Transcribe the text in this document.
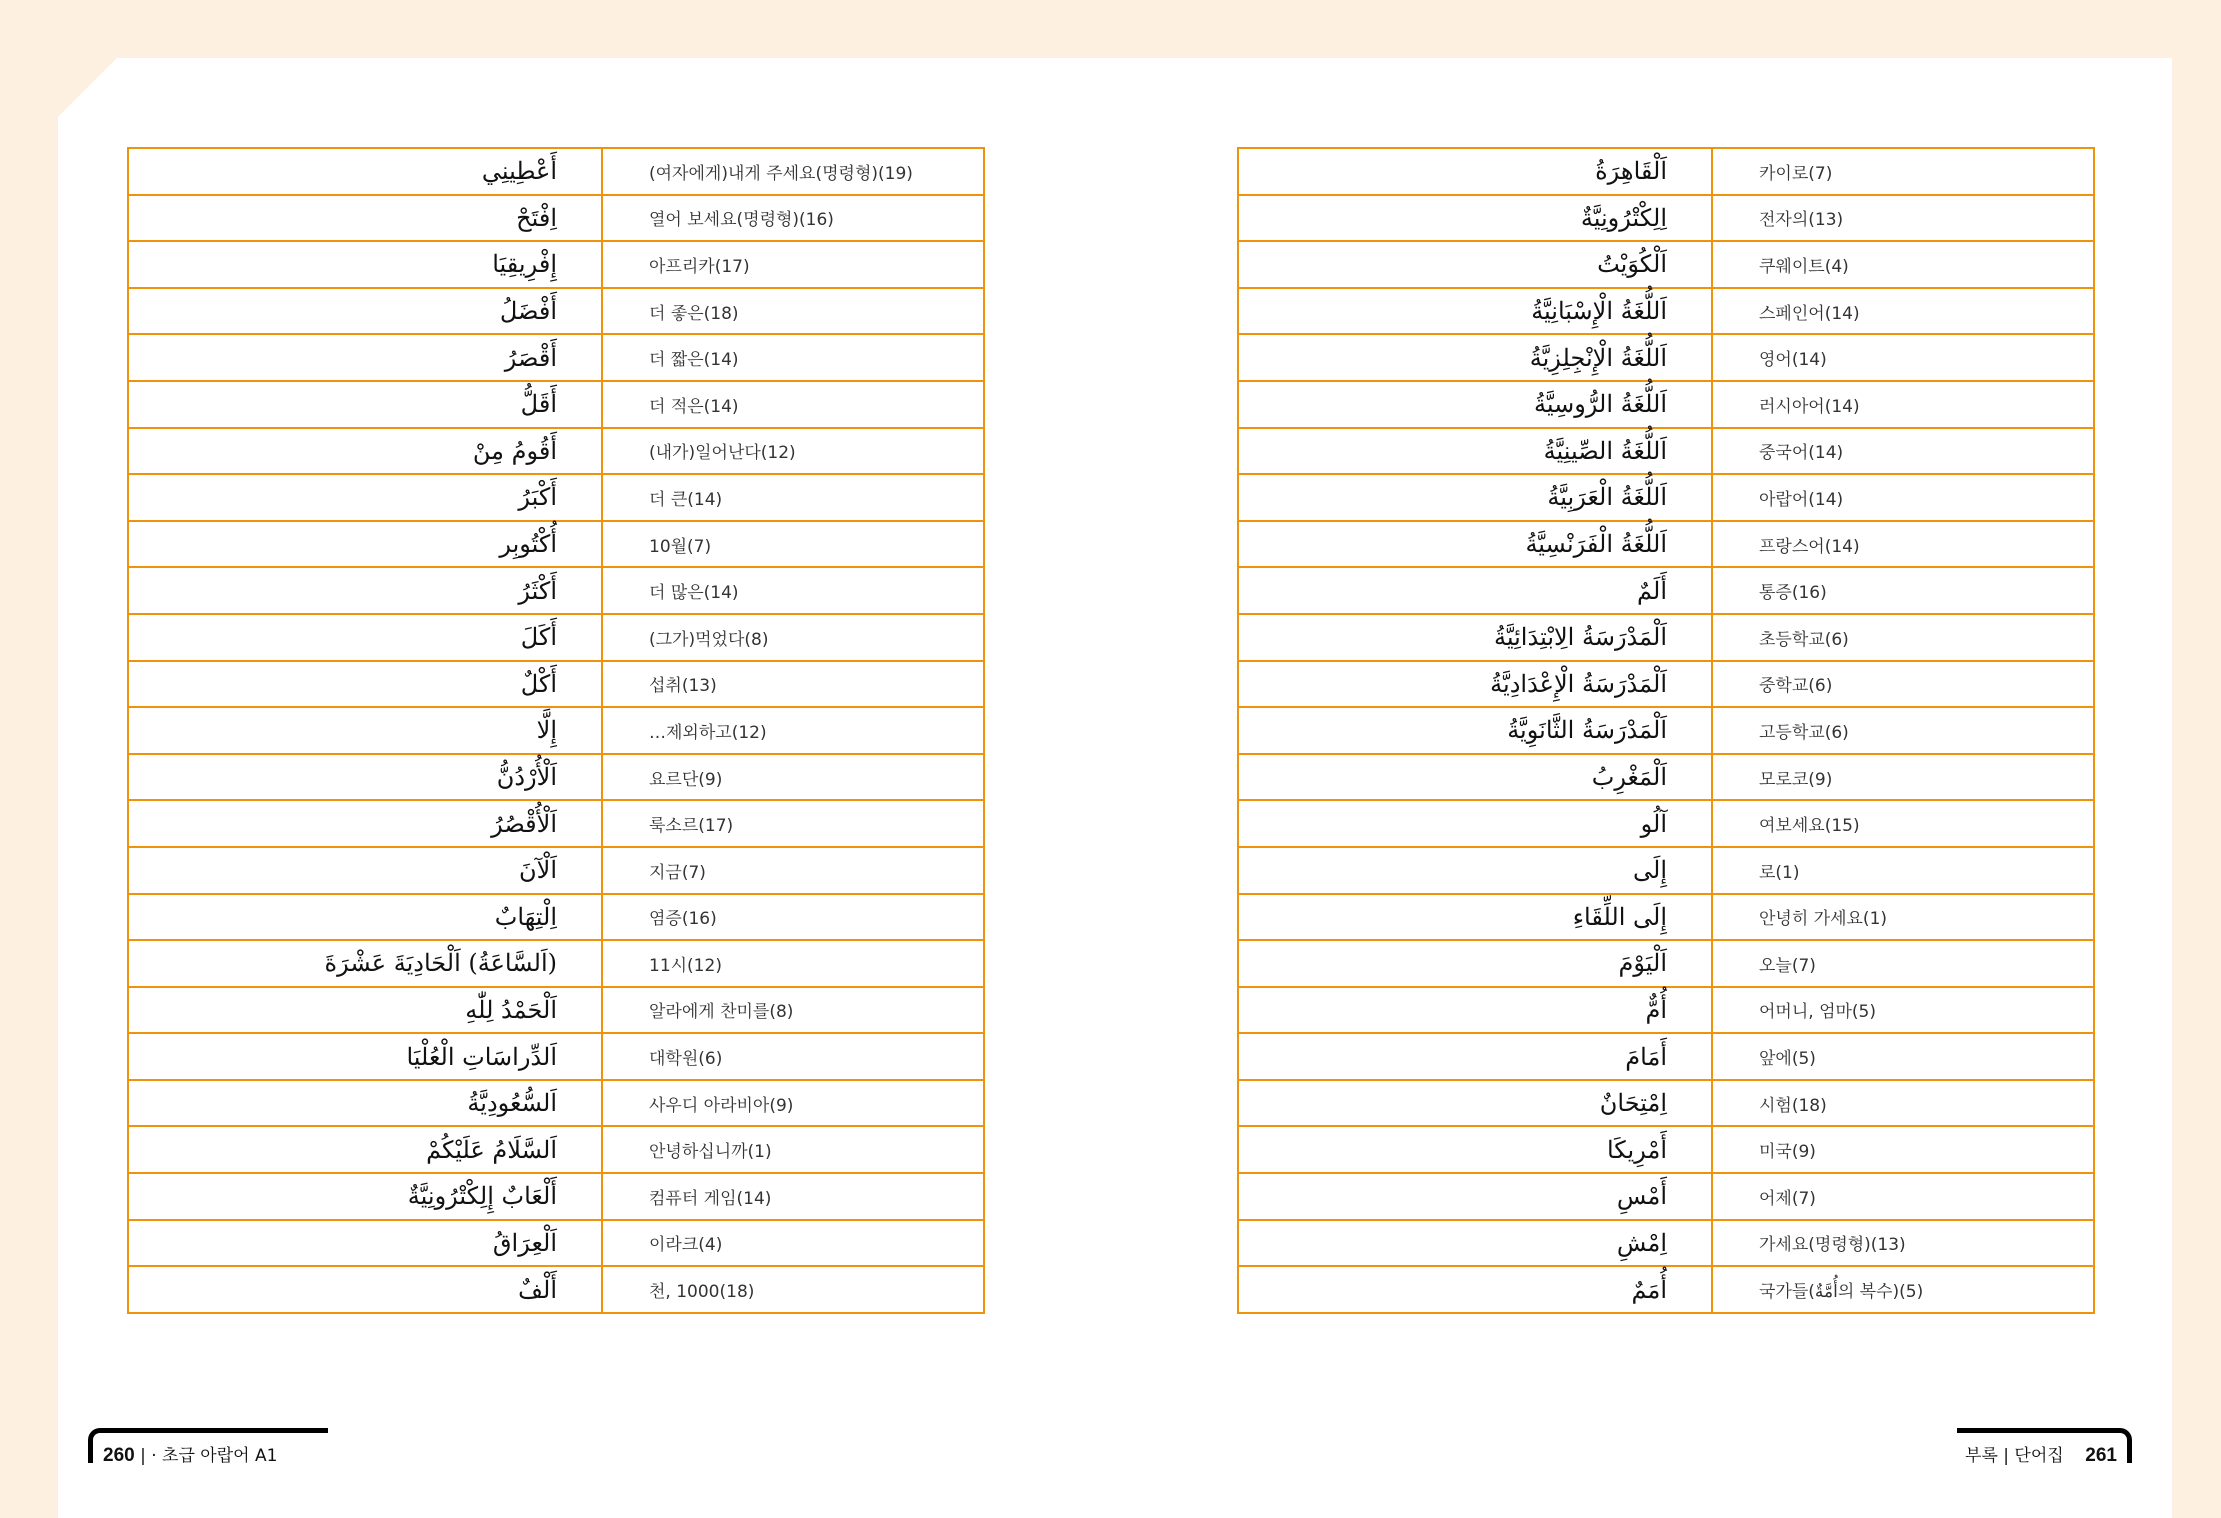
أَعْطِينِي	(여자에게)내게 주세요(명령형)(19)
اِفْتَحْ	열어 보세요(명령형)(16)
إِفْرِيقِيَا	아프리카(17)
أَفْضَلُ	더 좋은(18)
أَقْصَرُ	더 짧은(14)
أَقَلُّ	더 적은(14)
أَقُومُ مِنْ	(내가)일어난다(12)
أَكْبَرُ	더 큰(14)
أُكْتُوبِر	10월(7)
أَكْثَرُ	더 많은(14)
أَكَلَ	(그가)먹었다(8)
أَكْلٌ	섭취(13)
إِلَّا	…제외하고(12)
اَلْأُرْدُنُّ	요르단(9)
اَلْأُقْصُرُ	룩소르(17)
اَلْآنَ	지금(7)
اِلْتِهَابٌ	염증(16)
(اَلسَّاعَةُ) اَلْحَادِيَةَ عَشْرَةَ	11시(12)
اَلْحَمْدُ لِلّٰهِ	알라에게 찬미를(8)
اَلدِّراسَاتِ الْعُلْيَا	대학원(6)
اَلسُّعُودِيَّةُ	사우디 아라비아(9)
اَلسَّلَامُ عَلَيْكُمْ	안녕하십니까(1)
أَلْعَابٌ إِلِكْتْرُونِيَّةٌ	컴퓨터 게임(14)
اَلْعِرَاقُ	이라크(4)
أَلْفٌ	천, 1000(18)
اَلْقَاهِرَةُ	카이로(7)
اِلِكْتْرُونِيَّةٌ	전자의(13)
اَلْكُوَيْتُ	쿠웨이트(4)
اَللُّغَةُ الْإِسْبَانِيَّةُ	스페인어(14)
اَللُّغَةُ الْإِنْجِلِزِيَّةُ	영어(14)
اَللُّغَةُ الرُّوسِيَّةُ	러시아어(14)
اَللُّغَةُ الصِّينِيَّةُ	중국어(14)
اَللُّغَةُ الْعَرَبِيَّةُ	아랍어(14)
اَللُّغَةُ الْفَرَنْسِيَّةُ	프랑스어(14)
أَلَمٌ	통증(16)
اَلْمَدْرَسَةُ الِابْتِدَائِيَّةُ	초등학교(6)
اَلْمَدْرَسَةُ الْإِعْدَادِيَّةُ	중학교(6)
اَلْمَدْرَسَةُ الثَّانَوِيَّةُ	고등학교(6)
اَلْمَغْرِبُ	모로코(9)
آلُو	여보세요(15)
إِلَى	로(1)
إِلَى اللِّقَاءِ	안녕히 가세요(1)
اَلْيَوْمَ	오늘(7)
أُمٌّ	어머니, 엄마(5)
أَمَامَ	앞에(5)
اِمْتِحَانٌ	시험(18)
أَمْرِيكَا	미국(9)
أَمْسِ	어제(7)
اِمْشِ	가세요(명령형)(13)
أُمَمٌ	국가들(أُمَّةٌ의 복수)(5)
260 | · 초급 아랍어 A1	부록 | 단어집 261
